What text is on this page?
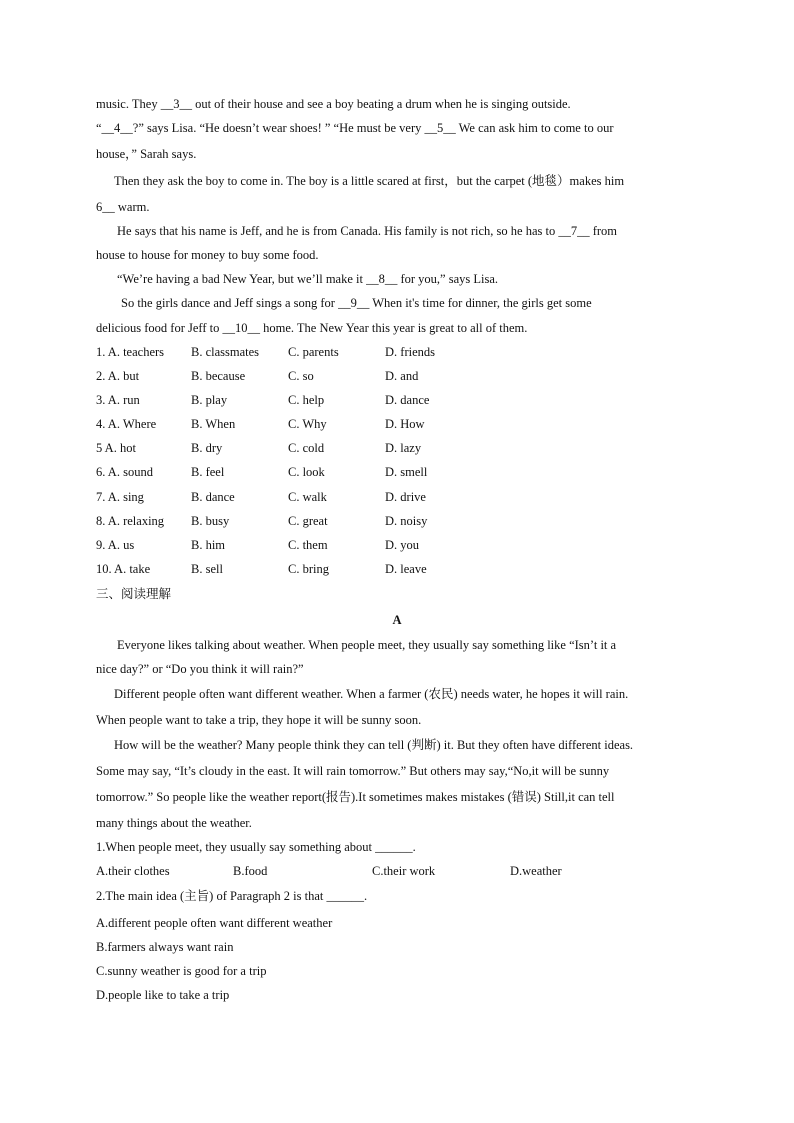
music. They __3__ out of their house and see a boy beating a drum when he is singing outside.
“__4__?” says Lisa. “He doesn’t wear shoes! ” “He must be very __5__ We can ask him to come to our
house，” Sarah says.
Then they ask the boy to come in. The boy is a little scared at first，but the carpet (地毯）makes him
6__ warm.
He says that his name is Jeff, and he is from Canada. His family is not rich, so he has to __7__ from
house to house for money to buy some food.
“We’re having a bad New Year, but we’ll make it __8__ for you,” says Lisa.
So the girls dance and Jeff sings a song for __9__ When it's time for dinner, the girls get some
delicious food for Jeff to __10__ home. The New Year this year is great to all of them.
1. A. teachers B. classmates C. parents	D. friends
2. A. but	B. because	C. so	D. and
3. A. run	B. play	C. help	D. dance
4. A. Where	B. When	C. Why	D. How
5 A. hot	B. dry	C. cold	D. lazy
6. A. sound	B. feel	C. look	D. smell
7. A. sing	B. dance	C. walk	D. drive
8. A. relaxing B. busy	C. great	D. noisy
9. A. us	B. him	C. them	D. you
10. A. take	B. sell	C. bring	D. leave
三、阅读理解
A
Everyone likes talking about weather. When people meet, they usually say something like “Isn’t it a
nice day?” or “Do you think it will rain?”
Different people often want different weather. When a farmer (农民) needs water, he hopes it will rain.
When people want to take a trip, they hope it will be sunny soon.
How will be the weather? Many people think they can tell (判断) it. But they often have different ideas.
Some may say, “It’s cloudy in the east. It will rain tomorrow.” But others may say,“No,it will be sunny
tomorrow.” So people like the weather report(报告).It sometimes makes mistakes (错误) Still,it can tell
many things about the weather.
1.When people meet, they usually say something about ______.
A.their clothes	B.food	C.their work	D.weather
2.The main idea (主旨) of Paragraph 2 is that ______.
A.different people often want different weather
B.farmers always want rain
C.sunny weather is good for a trip
D.people like to take a trip
